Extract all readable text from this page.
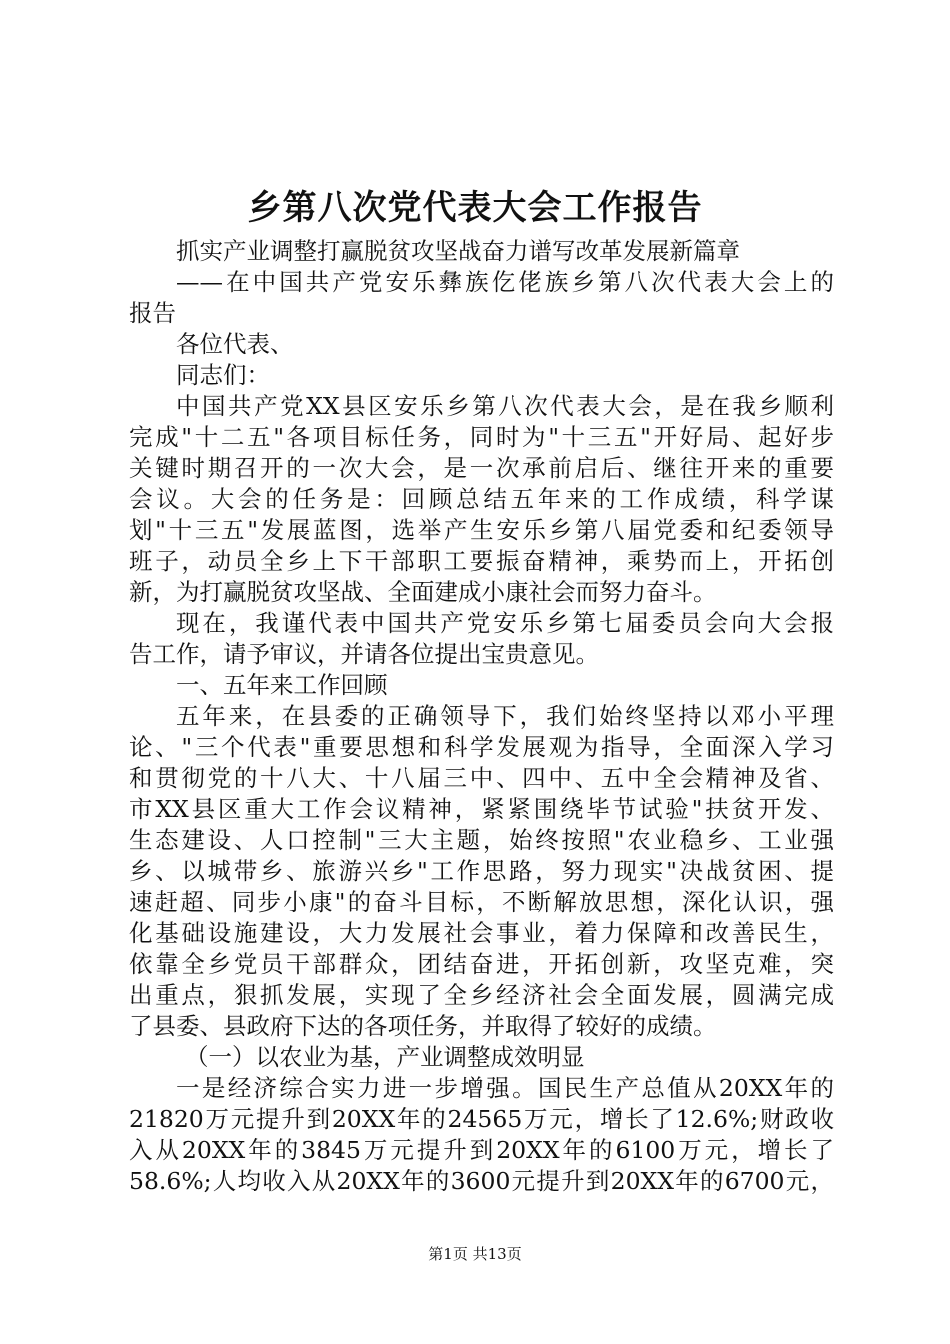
乡第八次党代表大会工作报告
抓实产业调整打赢脱贫攻坚战奋力谱写改革发展新篇章
——在中国共产党安乐彝族仡佬族乡第八次代表大会上的
报告
各位代表、
同志们：
中国共产党XX县区安乐乡第八次代表大会，是在我乡顺利
完成"十二五"各项目标任务，同时为"十三五"开好局、起好步
关键时期召开的一次大会，是一次承前启后、继往开来的重要
会议。大会的任务是：回顾总结五年来的工作成绩，科学谋
划"十三五"发展蓝图，选举产生安乐乡第八届党委和纪委领导
班子，动员全乡上下干部职工要振奋精神，乘势而上，开拓创
新，为打赢脱贫攻坚战、全面建成小康社会而努力奋斗。
现在，我谨代表中国共产党安乐乡第七届委员会向大会报
告工作，请予审议，并请各位提出宝贵意见。
一、五年来工作回顾
五年来，在县委的正确领导下，我们始终坚持以邓小平理
论、"三个代表"重要思想和科学发展观为指导，全面深入学习
和贯彻党的十八大、十八届三中、四中、五中全会精神及省、
市XX县区重大工作会议精神，紧紧围绕毕节试验"扶贫开发、
生态建设、人口控制"三大主题，始终按照"农业稳乡、工业强
乡、以城带乡、旅游兴乡"工作思路，努力现实"决战贫困、提
速赶超、同步小康"的奋斗目标，不断解放思想，深化认识，强
化基础设施建设，大力发展社会事业，着力保障和改善民生，
依靠全乡党员干部群众，团结奋进，开拓创新，攻坚克难，突
出重点，狠抓发展，实现了全乡经济社会全面发展，圆满完成
了县委、县政府下达的各项任务，并取得了较好的成绩。
（一）以农业为基，产业调整成效明显
一是经济综合实力进一步增强。国民生产总值从20XX年的
21820万元提升到20XX年的24565万元，增长了12.6%;财政收
入从20XX年的3845万元提升到20XX年的6100万元，增长了
58.6%;人均收入从20XX年的3600元提升到20XX年的6700元，
第1页 共13页
